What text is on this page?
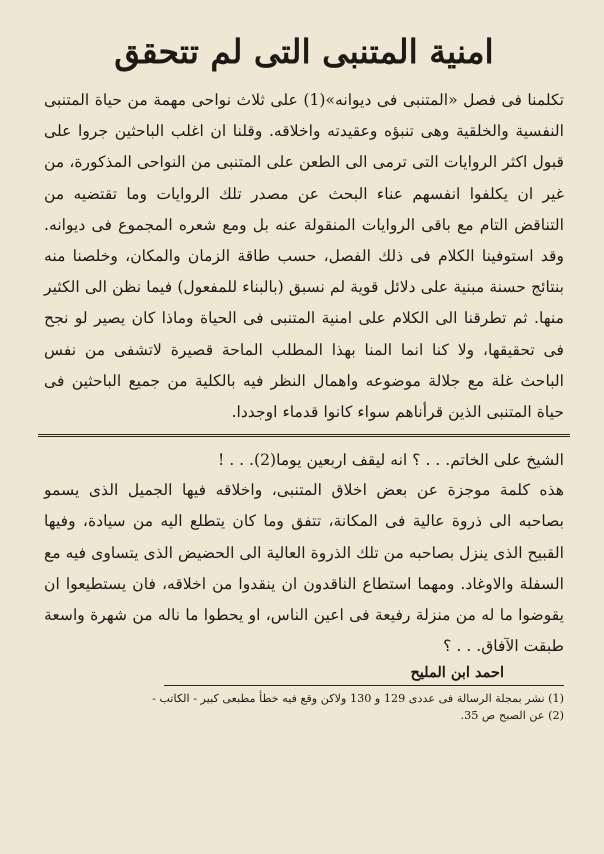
امنية المتنبى التى لم تتحقق

تكلمنا فى فصل «المتنبى فى ديوانه»(1) على ثلاث نواحى مهمة من حياة المتنبى النفسية والخلقية وهى تنبؤه وعقيدته واخلاقه. وقلنا ان اغلب الباحثين جروا على قبول اكثر الروايات التى ترمى الى الطعن على المتنبى من النواحى المذكورة، من غير ان يكلفوا انفسهم عناء البحث عن مصدر تلك الروايات وما تقتضيه من التناقض التام مع باقى الروايات المنقولة عنه بل ومع شعره المجموع فى ديوانه. وقد استوفينا الكلام فى ذلك الفصل، حسب طاقة الزمان والمكان، وخلصنا منه بنتائج حسنة مبنية على دلائل قوية لم نسبق (بالبناء للمفعول) فيما نظن الى الكثير منها. ثم تطرقنا الى الكلام على امنية المتنبى فى الحياة وماذا كان يصير لو نجح فى تحقيقها، ولا كنا انما المنا بهذا المطلب الماحة قصيرة لاتشفى من نفس الباحث غلة مع جلالة موضوعه واهمال النظر فيه بالكلية من جميع الباحثين فى حياة المتنبى الذين قرأناهم سواء كانوا قدماء اوجددا.

الشيخ على الخاتم. . . ؟ انه ليقف اربعين يوما(2). . . !

هذه كلمة موجزة عن بعض اخلاق المتنبى، واخلاقه فيها الجميل الذى يسمو بصاحبه الى ذروة عالية فى المكانة، تتفق وما كان يتطلع اليه من سيادة، وفيها القبيح الذى ينزل بصاحبه من تلك الذروة العالية الى الحضيض الذى يتساوى فيه مع السفلة والاوغاد. ومهما استطاع الناقدون ان ينقدوا من اخلاقه، فان يستطيعوا ان يقوضوا ما له من منزلة رفيعة فى اعين الناس، او يحطوا ما ناله من شهرة واسعة طبقت الآفاق. . . ؟

احمد ابن المليح
(1) نشر بمجلة الرسالة فى عددى 129 و 130 ولاكن وقع فيه خطأ مطبعى كبير - الكاتب -
(2) عن الصبح ص 35.
